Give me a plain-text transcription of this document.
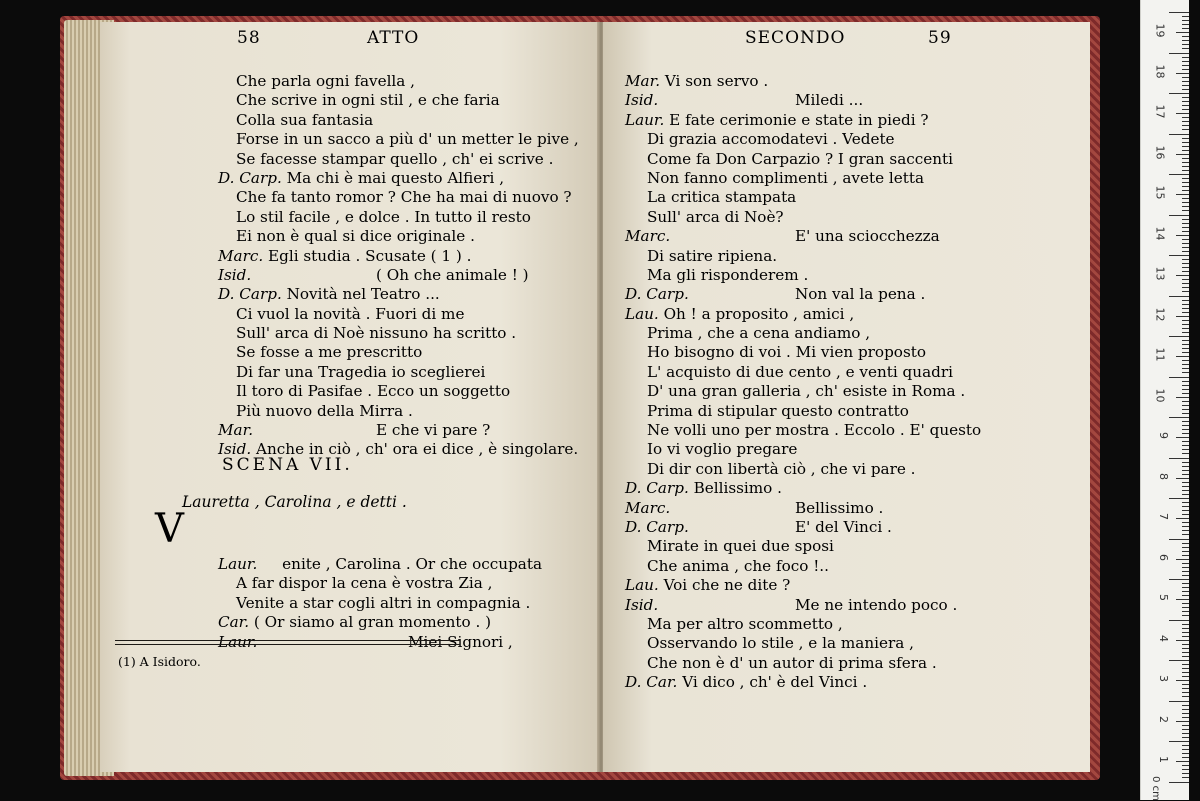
58	ATTO
Che parla ogni favella ,
Che scrive in ogni stil , e che faria
Colla sua fantasia
Forse in un sacco a più d' un metter le pive ,
Se facesse stampar quello , ch' ei scrive .
D. Carp. Ma chi è mai questo Alfieri ,
Che fa tanto romor ? Che ha mai di nuovo ?
Lo stil facile , e dolce . In tutto il resto
Ei non è qual si dice originale .
Marc. Egli studia . Scusate ( 1 ) .
Isid.	( Oh che animale ! )
D. Carp. Novità nel Teatro ...
Ci vuol la novità . Fuori di me
Sull' arca di Noè nissuno ha scritto .
Se fosse a me prescritto
Di far una Tragedia io sceglierei
Il toro di Pasifae . Ecco un soggetto
Più nuovo della Mirra .
Mar.	E che vi pare ?
Isid. Anche in ciò , ch' ora ei dice , è singolare.
SCENA VII.
Lauretta , Carolina , e detti .
V
Laur. enite , Carolina . Or che occupata
A far dispor la cena è vostra Zia ,
Venite a star cogli altri in compagnia .
Car. ( Or siamo al gran momento . )
Laur.	Miei Signori ,
(1) A Isidoro.
SECONDO	59
Mar. Vi son servo .
Isid.	Miledi ...
Laur. E fate cerimonie e state in piedi ?
Di grazia accomodatevi . Vedete
Come fa Don Carpazio ? I gran saccenti
Non fanno complimenti , avete letta
La critica stampata
Sull' arca di Noè?
Marc.	E' una sciocchezza
Di satire ripiena.
Ma gli risponderem .
D. Carp.	Non val la pena .
Lau. Oh ! a proposito , amici ,
Prima , che a cena andiamo ,
Ho bisogno di voi . Mi vien proposto
L' acquisto di due cento , e venti quadri
D' una gran galleria , ch' esiste in Roma .
Prima di stipular questo contratto
Ne volli uno per mostra . Eccolo . E' questo
Io vi voglio pregare
Di dir con libertà ciò , che vi pare .
D. Carp. Bellissimo .
Marc.	Bellissimo .
D. Carp.	E' del Vinci .
Mirate in quei due sposi
Che anima , che foco !..
Lau. Voi che ne dite ?
Isid.	Me ne intendo poco .
Ma per altro scommetto ,
Osservando lo stile , e la maniera ,
Che non è d' un autor di prima sfera .
D. Car. Vi dico , ch' è del Vinci .
0 cm
19
18
17
16
15
14
13
12
11
10
9
8
7
6
5
4
3
2
1
